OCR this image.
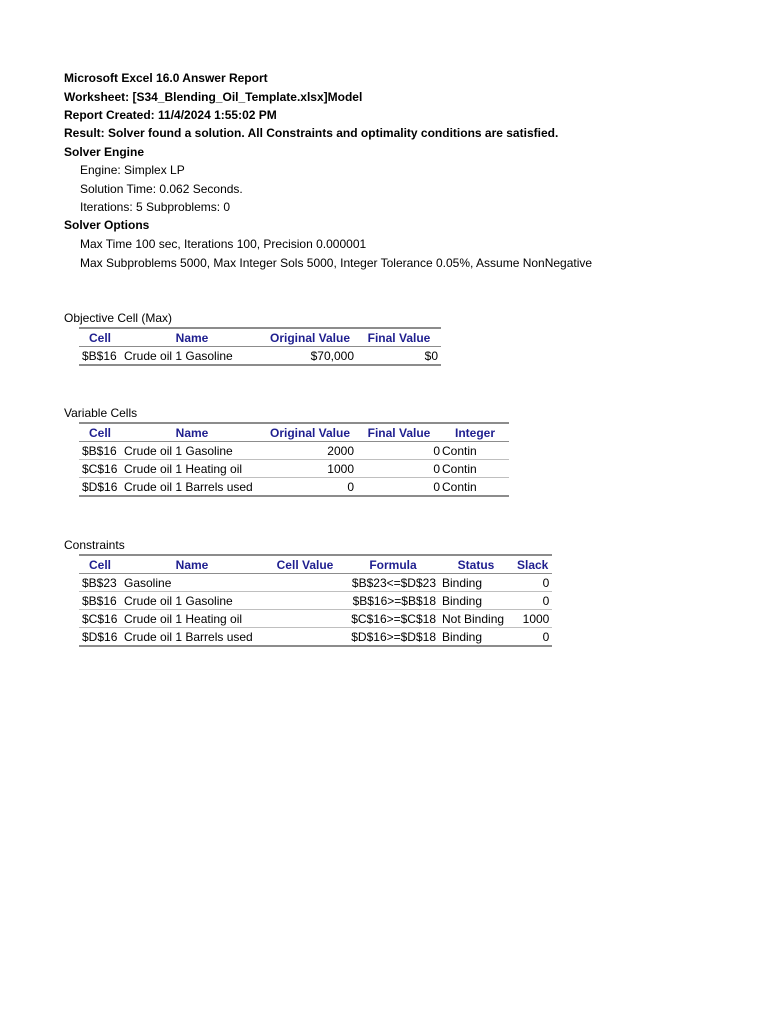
Microsoft Excel 16.0 Answer Report
Worksheet: [S34_Blending_Oil_Template.xlsx]Model
Report Created: 11/4/2024 1:55:02 PM
Result: Solver found a solution. All Constraints and optimality conditions are satisfied.
Solver Engine
Engine: Simplex LP
Solution Time: 0.062 Seconds.
Iterations: 5 Subproblems: 0
Solver Options
Max Time 100 sec, Iterations 100, Precision 0.000001
Max Subproblems 5000, Max Integer Sols 5000, Integer Tolerance 0.05%, Assume NonNegative
Objective Cell (Max)
Cell	Name	Original Value	Final Value
$B$16	Crude oil 1 Gasoline	$70,000	$0
Variable Cells
Cell	Name	Original Value	Final Value	Integer
$B$16	Crude oil 1 Gasoline	2000	0	Contin
$C$16	Crude oil 1 Heating oil	1000	0	Contin
$D$16	Crude oil 1 Barrels used	0	0	Contin
Constraints
Cell	Name	Cell Value	Formula	Status	Slack
$B$23	Gasoline		$B$23<=$D$23	Binding	0
$B$16	Crude oil 1 Gasoline		$B$16>=$B$18	Binding	0
$C$16	Crude oil 1 Heating oil		$C$16>=$C$18	Not Binding	1000
$D$16	Crude oil 1 Barrels used		$D$16>=$D$18	Binding	0
